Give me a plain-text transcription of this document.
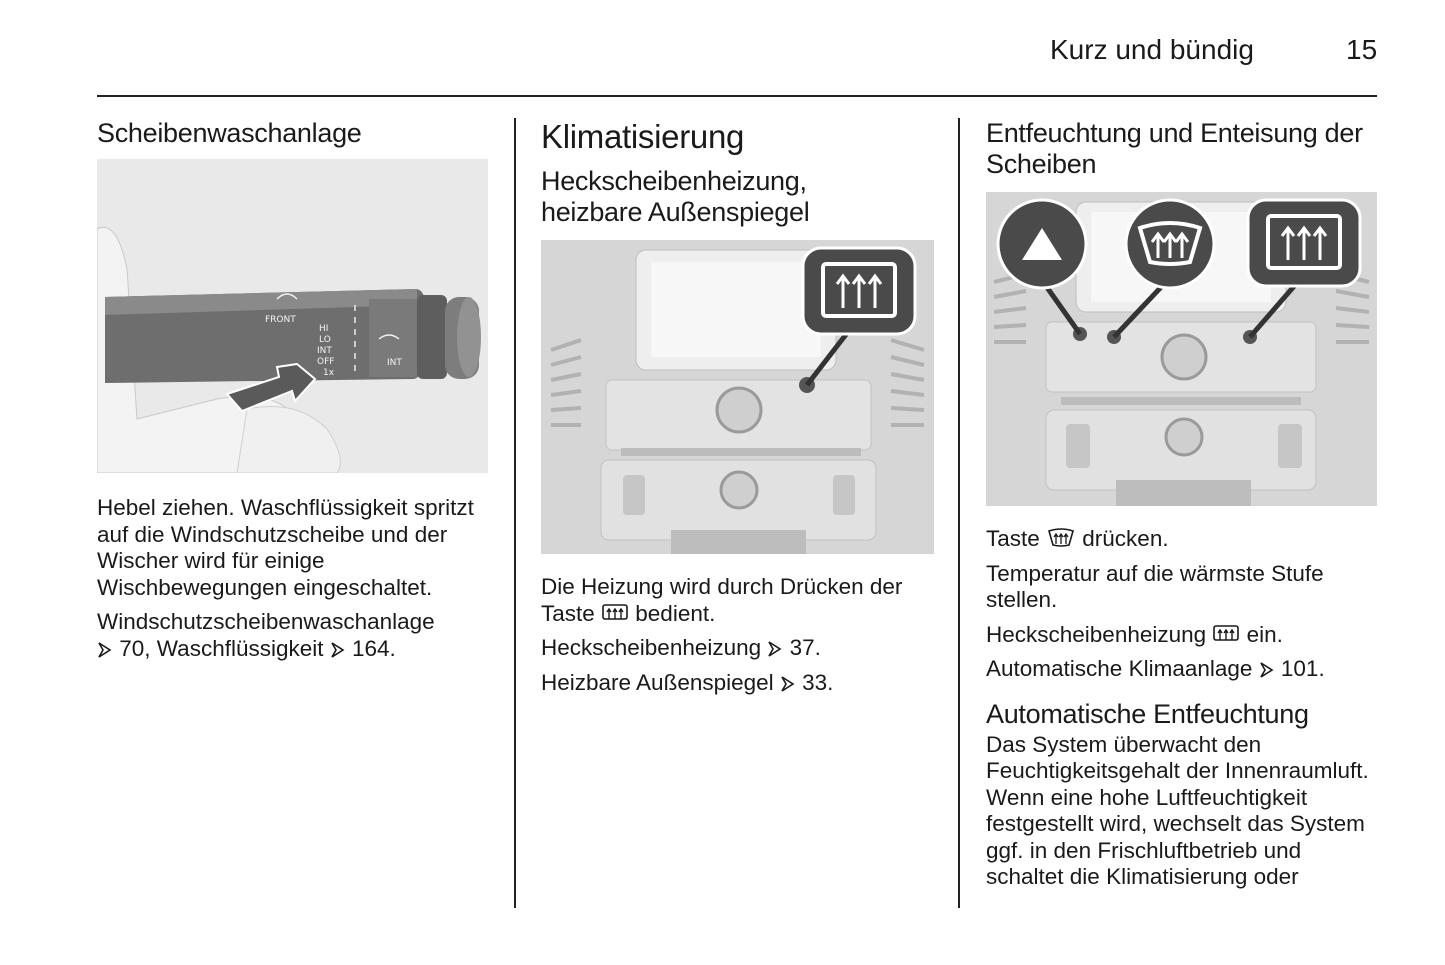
Kurz und bündig	15
Scheibenwaschanlage
FRONT
HI
LO
INT
OFF
1x
INT

Hebel ziehen. Waschflüssigkeit spritzt auf die Windschutzscheibe und der Wischer wird für einige Wischbewegungen eingeschaltet.

Windschutzscheibenwaschanlage
70, Waschflüssigkeit  164.

Klimatisierung
Heckscheibenheizung, heizbare Außenspiegel

Die Heizung wird durch Drücken der Taste  bedient.

Heckscheibenheizung  37.

Heizbare Außenspiegel  33.

Entfeuchtung und Enteisung der Scheiben

Taste  drücken.

Temperatur auf die wärmste Stufe stellen.

Heckscheibenheizung  ein.

Automatische Klimaanlage  101.

Automatische Entfeuchtung

Das System überwacht den Feuchtigkeitsgehalt der Innenraumluft. Wenn eine hohe Luftfeuchtigkeit festgestellt wird, wechselt das System ggf. in den Frischluftbetrieb und schaltet die Klimatisierung oder
